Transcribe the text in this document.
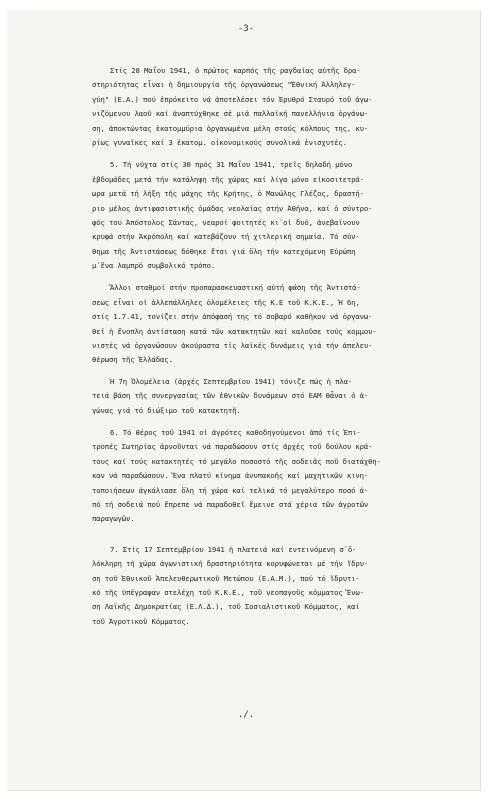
-3-
Στίς 28 Μαΐου 1941, ό πρώτος καρπός τῆς ραγδαίας αὐτῆς δρα-
στηριότητας εἶναι ἡ δημιουργία τῆς ὀργανώσεως "Ἐθνική Ἀλληλεγ-
γύη" (Ε.Α.) πού ἐπρόκειτο νά ἀποτελέσει τόν Ἐρυθρό Σταυρό τοῦ ἀγω-
νιζόμενου λαοῦ καί ἀναπτύχθηκε σέ μιά παλλαϊκή πανελλήνια ὀργάνω-
ση, ἀποκτώντας ἑκατομμύρια ὀργανωμένα μέλη στούς κόλπους της, κυ-
ρίως γυναῖκες καί 3 ἑκατομ. οἰκονομικούς συνολικά ἐνισχυτές.
5. Τή νύχτα στίς 30 πρός 31 Μαΐου 1941, τρεῖς δηλαδή μόνο
ἑβδομάδες μετά τήν κατάληψη τῆς χώρας καί λίγα μόνο εἰκοσιτετρά-
ωρα μετά τή λήξη τῆς μάχης τῆς Κρήτης, ὁ Μανώλης Γλέζος, δραστή-
ριο μέλος ἀντιφασιστικῆς ὁμάδας νεολαίας στήν Ἀθήνα, καί ὁ σύντρο-
φός του Ἀπόστολος Σάντας, νεαροί φοιτητές κι᾿οἱ δυό, ἀνεβαίνουν
κρυφά στήν Ἀκρόπολη καί κατεβάζουν τή χιτλερική σημαία. Τό σύν-
θημα τῆς Ἀντιστάσεως δόθηκε ἔτσι γιά ὅλη τήν κατεχόμενη Εὐρώπη
μ᾿ἕνα λαμπρό συμβολικό τρόπο.
Ἄλλοι σταθμοί στήν προπαρασκευαστική αὐτή φάση τῆς Ἀντιστά-
σεως εἶναι οἱ ἀλλεπάλληλες ὁλομέλειες τῆς Κ.Ε τοῦ Κ.Κ.Ε., Ἡ 6η,
στίς 1.7.41, τονίζει στήν ἀπόφασή της τό σοβαρό καθῆκον νά ὀργανω-
θεῖ ἡ ἔνοπλη ἀντίσταση κατά τῶν κατακτητῶν καί καλοῦσε τούς κομμου-
νιστές νά ὀργανώσουν ἀκούραστα τίς λαϊκές δυνάμεις γιά τήν ἀπελευ-
θέρωση τῆς Ἑλλάδας.
Ἡ 7η Ὁλομέλεια (ἀρχές Σεπτεμβρίου 1941) τόνιζε πώς ἡ πλα-
τειά βάση τῆς συνεργασίας τῶν ἐθνικῶν δυνάμεων στό ΕΑΜ θἆναι ὁ ἀ-
γώνας γιά τό διώξιμο τοῦ κατακτητῆ.
6. Τό θέρος τοῦ 1941 οἱ ἀγρότες καθοδηγούμενοι ἀπό τίς Ἐπι-
τροπές Σωτηρίας ἀρνοῦνται νά παραδώσουν στίς ἀρχές τοῦ δούλου κρά-
τους καί τούς κατακτητές τό μεγάλο ποσοστό τῆς σοδειᾶς ποῦ διατάχθη-
καν νά παραδώσουν. Ἕνα πλατύ κίνημα ἀνυπακοῆς καί μαχητικῶν κινη-
τοποιήσεων ἀγκάλιασε ὅλη τή χώρα καί τελικά τό μεγαλύτερο ποσό ἀ-
πό τή σοδειά πού ἔπρεπε νά παραδοθεῖ ἔμεινε στά χέρια τῶν ἀγροτῶν
παραγωγῶν.
7. Στίς 17 Σεπτεμβρίου 1941 ἡ πλατειά καί εντεινόμενη σ᾿ὅ-
λόκληρη τή χώρα ἀγωνιστική δραστηριότητα κορυφώνεται μέ τήν ἵδρυ-
ση τοῦ Ἐθνικοῦ Ἀπελευθερωτικοῦ Μετώπου (Ε.Α.Μ.), πού τό ἵδρυτι-
κό τῆς ὑπέγραψαν στελέχη τοῦ Κ.Κ.Ε., τοῦ νεοπαγοῦς κόμματος Ἕνω-
ση Λαϊκῆς Δημοκρατίας (Ε.Λ.Δ.), τοῦ Σοσιαλιστικοῦ Κόμματος, καί
τοῦ Ἀγροτικοῦ Κόμματος.
./.
